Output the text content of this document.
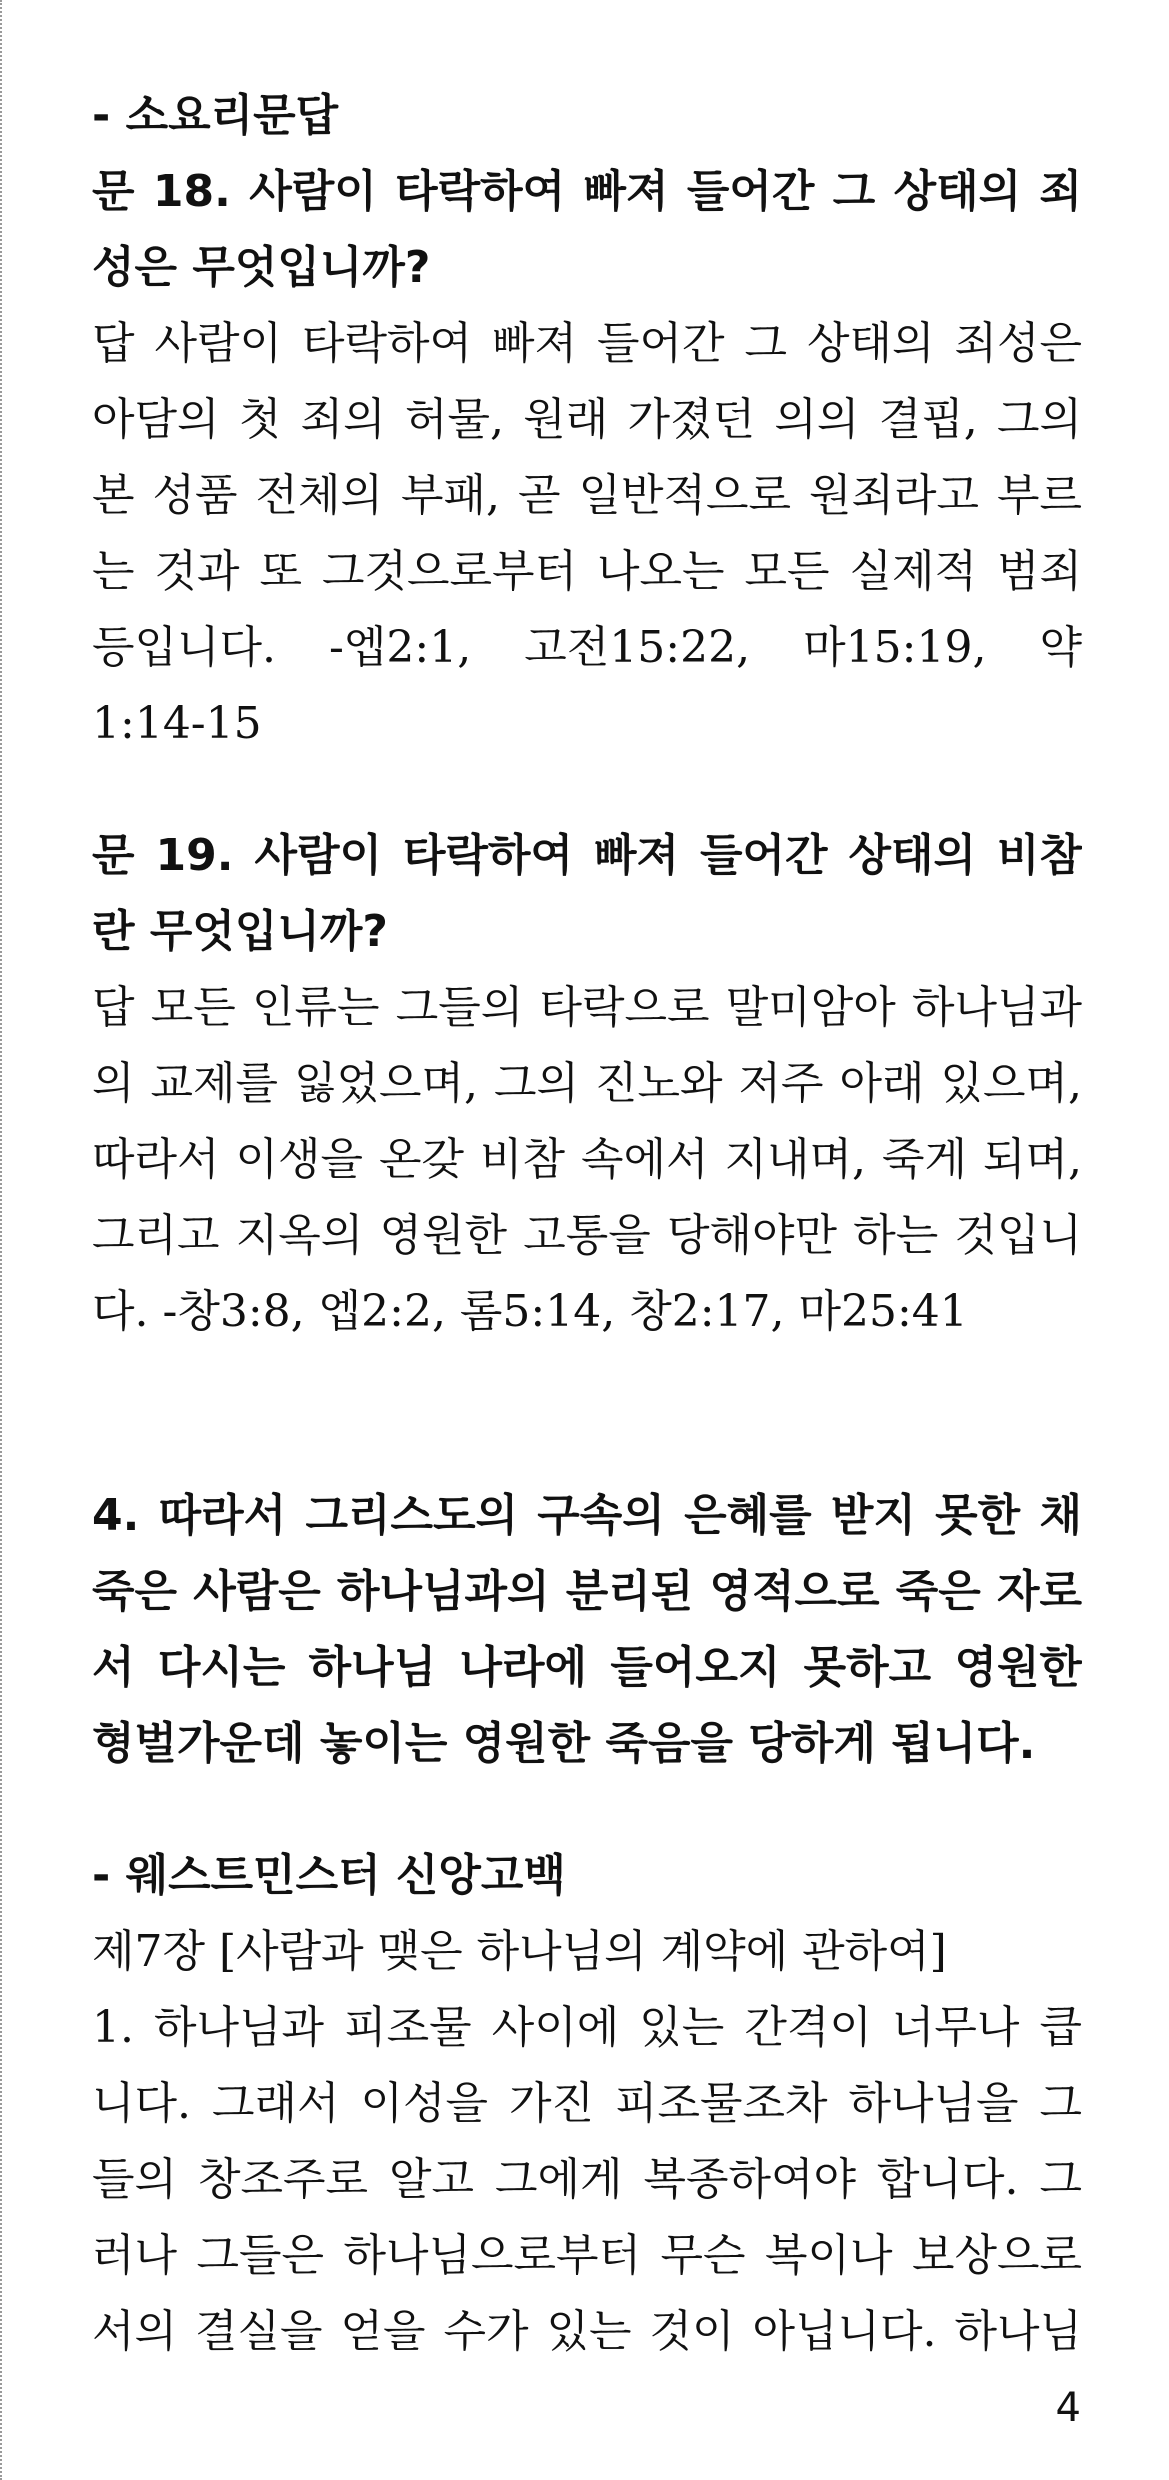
- 소요리문답
문 18. 사람이 타락하여 빠져 들어간 그 상태의 죄
성은 무엇입니까?
답 사람이 타락하여 빠져 들어간 그 상태의 죄성은
아담의 첫 죄의 허물, 원래 가졌던 의의 결핍, 그의
본 성품 전체의 부패, 곧 일반적으로 원죄라고 부르
는 것과 또 그것으로부터 나오는 모든 실제적 범죄
등입니다. -엡2:1, 고전15:22, 마15:19, 약
1:14-15
문 19. 사람이 타락하여 빠져 들어간 상태의 비참
란 무엇입니까?
답 모든 인류는 그들의 타락으로 말미암아 하나님과
의 교제를 잃었으며, 그의 진노와 저주 아래 있으며,
따라서 이생을 온갖 비참 속에서 지내며, 죽게 되며,
그리고 지옥의 영원한 고통을 당해야만 하는 것입니
다. -창3:8, 엡2:2, 롬5:14, 창2:17, 마25:41
4. 따라서 그리스도의 구속의 은혜를 받지 못한 채
죽은 사람은 하나님과의 분리된 영적으로 죽은 자로
서 다시는 하나님 나라에 들어오지 못하고 영원한
형벌가운데 놓이는 영원한 죽음을 당하게 됩니다.
- 웨스트민스터 신앙고백
제7장 [사람과 맺은 하나님의 계약에 관하여]
1. 하나님과 피조물 사이에 있는 간격이 너무나 큽
니다. 그래서 이성을 가진 피조물조차 하나님을 그
들의 창조주로 알고 그에게 복종하여야 합니다. 그
러나 그들은 하나님으로부터 무슨 복이나 보상으로
서의 결실을 얻을 수가 있는 것이 아닙니다. 하나님
4
